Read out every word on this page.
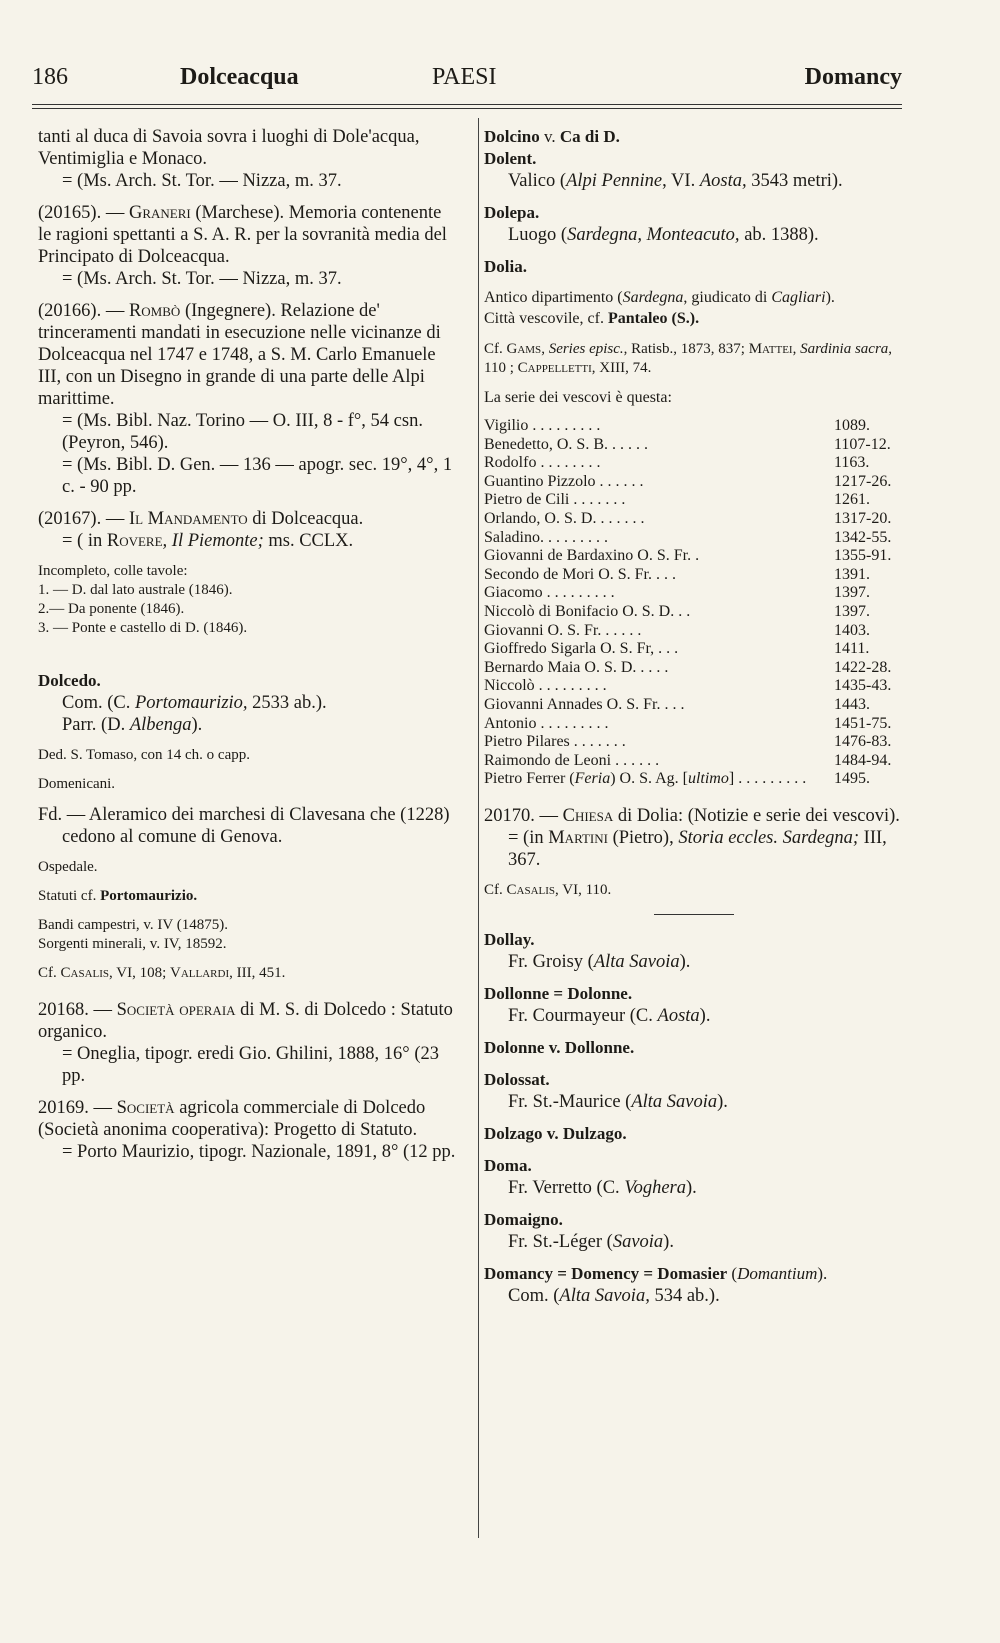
186	Dolceacqua	PAESI	Domancy

tanti al duca di Savoia sovra i luoghi di Dole'acqua, Ventimiglia e Monaco.

= (Ms. Arch. St. Tor. — Nizza, m. 37.

(20165). — Graneri (Marchese). Memoria contenente le ragioni spettanti a S. A. R. per la sovranità media del Principato di Dolceacqua.

= (Ms. Arch. St. Tor. — Nizza, m. 37.

(20166). — Rombò (Ingegnere). Relazione de' trinceramenti mandati in esecuzione nelle vicinanze di Dolceacqua nel 1747 e 1748, a S. M. Carlo Emanuele III, con un Disegno in grande di una parte delle Alpi marittime.

= (Ms. Bibl. Naz. Torino — O. III, 8 - f°, 54 csn. (Peyron, 546).

= (Ms. Bibl. D. Gen. — 136 — apogr. sec. 19°, 4°, 1 c. - 90 pp.

(20167). — Il Mandamento di Dolceacqua.

= ( in Rovere, Il Piemonte; ms. CCLX.

Incompleto, colle tavole:

1. — D. dal lato australe (1846).

2.— Da ponente (1846).

3. — Ponte e castello di D. (1846).

Dolcedo.

Com. (C. Portomaurizio, 2533 ab.).

Parr. (D. Albenga).

Ded. S. Tomaso, con 14 ch. o capp.

Domenicani.

Fd. — Aleramico dei marchesi di Clavesana che (1228) cedono al comune di Genova.

Ospedale.

Statuti cf. Portomaurizio.

Bandi campestri, v. IV (14875).

Sorgenti minerali, v. IV, 18592.

Cf. Casalis, VI, 108; Vallardi, III, 451.

20168. — Società operaia di M. S. di Dolcedo : Statuto organico.

= Oneglia, tipogr. eredi Gio. Ghilini, 1888, 16° (23 pp.

20169. — Società agricola commerciale di Dolcedo (Società anonima cooperativa): Progetto di Statuto.

= Porto Maurizio, tipogr. Nazionale, 1891, 8° (12 pp.

Dolcino v. Ca di D.

Dolent.

Valico (Alpi Pennine, VI. Aosta, 3543 metri).

Dolepa.

Luogo (Sardegna, Monteacuto, ab. 1388).

Dolia.

Antico dipartimento (Sardegna, giudicato di Cagliari).

Città vescovile, cf. Pantaleo (S.).

Cf. Gams, Series episc., Ratisb., 1873, 837; Mattei, Sardinia sacra, 110 ; Cappelletti, XIII, 74.

La serie dei vescovi è questa:

Vigilio . . . . . . . . .	1089.
Benedetto, O. S. B. . . . . .	1107-12.
Rodolfo . . . . . . . .	1163.
Guantino Pizzolo . . . . . .	1217-26.
Pietro de Cili . . . . . . .	1261.
Orlando, O. S. D. . . . . . .	1317-20.
Saladino. . . . . . . . .	1342-55.
Giovanni de Bardaxino O. S. Fr. .	1355-91.
Secondo de Mori O. S. Fr. . . .	1391.
Giacomo . . . . . . . . .	1397.
Niccolò di Bonifacio O. S. D. . .	1397.
Giovanni O. S. Fr. . . . . .	1403.
Gioffredo Sigarla O. S. Fr, . . .	1411.
Bernardo Maia O. S. D. . . . .	1422-28.
Niccolò . . . . . . . . .	1435-43.
Giovanni Annades O. S. Fr. . . .	1443.
Antonio . . . . . . . . .	1451-75.
Pietro Pilares . . . . . . .	1476-83.
Raimondo de Leoni . . . . . .	1484-94.
Pietro Ferrer (Feria) O. S. Ag. [ultimo] . . . . . . . . .	1495.

20170. — Chiesa di Dolia: (Notizie e serie dei vescovi).

= (in Martini (Pietro), Storia eccles. Sardegna; III, 367.

Cf. Casalis, VI, 110.

Dollay.

Fr. Groisy (Alta Savoia).

Dollonne = Dolonne.

Fr. Courmayeur (C. Aosta).

Dolonne v. Dollonne.

Dolossat.

Fr. St.-Maurice (Alta Savoia).

Dolzago v. Dulzago.

Doma.

Fr. Verretto (C. Voghera).

Domaigno.

Fr. St.-Léger (Savoia).

Domancy = Domency = Domasier (Domantium).

Com. (Alta Savoia, 534 ab.).
